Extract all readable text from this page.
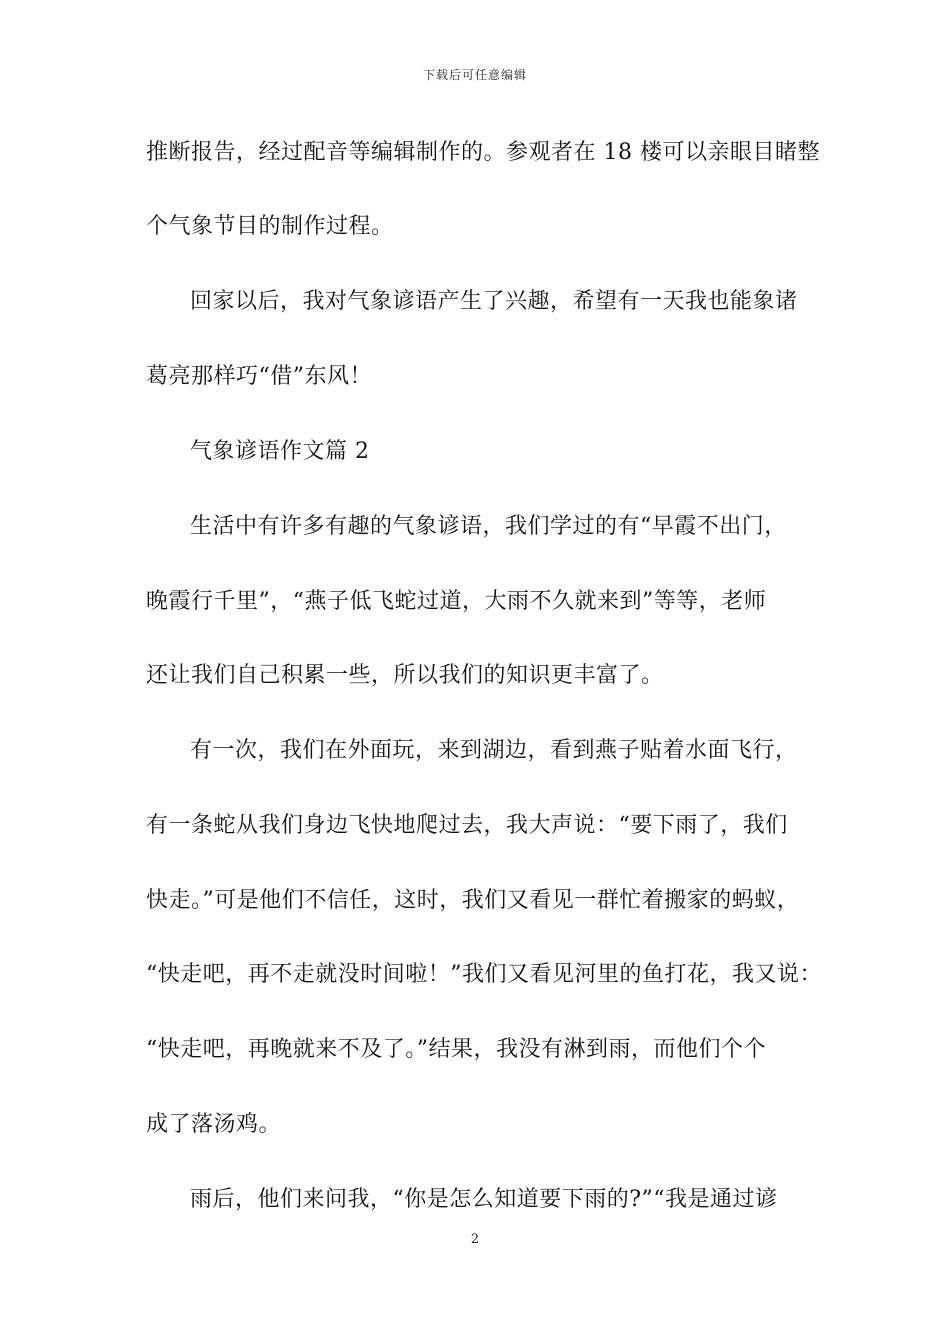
下载后可任意编辑
推断报告，经过配音等编辑制作的。参观者在 18 楼可以亲眼目睹整
个气象节目的制作过程。
回家以后，我对气象谚语产生了兴趣，希望有一天我也能象诸
葛亮那样巧“借”东风！
气象谚语作文篇 2
生活中有许多有趣的气象谚语，我们学过的有“早霞不出门，
晚霞行千里”，“燕子低飞蛇过道，大雨不久就来到”等等，老师
还让我们自己积累一些，所以我们的知识更丰富了。
有一次，我们在外面玩，来到湖边，看到燕子贴着水面飞行，
有一条蛇从我们身边飞快地爬过去，我大声说：“要下雨了，我们
快走。”可是他们不信任，这时，我们又看见一群忙着搬家的蚂蚁，
“快走吧，再不走就没时间啦！”我们又看见河里的鱼打花，我又说：
“快走吧，再晚就来不及了。”结果，我没有淋到雨，而他们个个
成了落汤鸡。
雨后，他们来问我，“你是怎么知道要下雨的?”“我是通过谚
2
